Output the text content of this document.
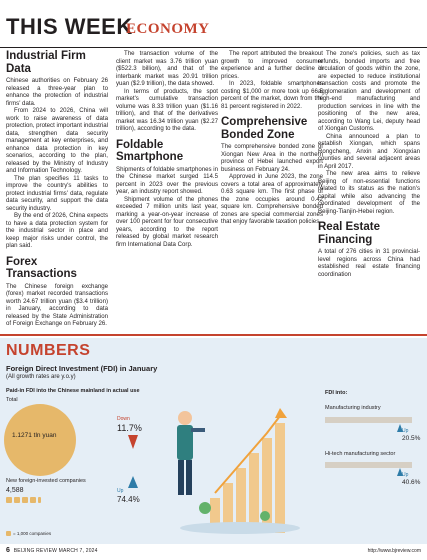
THIS WEEK
ECONOMY
Industrial Firm Data

Chinese authorities on February 26 released a three-year plan to enhance the protection of industrial firms' data.

From 2024 to 2026, China will work to raise awareness of data protection, protect important industrial data, strengthen data security management at key enterprises, and enhance data protection in key scenarios, according to the plan, released by the Ministry of Industry and Information Technology.

The plan specifies 11 tasks to improve the country's abilities to protect industrial firms' data, regulate data security, and support the data security industry.

By the end of 2026, China expects to have a data protection system for the industrial sector in place and keep major risks under control, the plan said.

Forex Transactions

The Chinese foreign exchange (forex) market recorded transactions worth 24.67 trillion yuan ($3.4 trillion) in January, according to data released by the State Administration of Foreign Exchange on February 26.

The transaction volume of the client market was 3.76 trillion yuan ($522.3 billion), and that of the interbank market was 20.91 trillion yuan ($2.9 trillion), the data showed.

In terms of products, the spot market's cumulative transaction volume was 8.33 trillion yuan ($1.16 trillion), and that of the derivatives market was 16.34 trillion yuan ($2.27 trillion), according to the data.

Foldable Smartphone

Shipments of foldable smartphones in the Chinese market surged 114.5 percent in 2023 over the previous year, an industry report showed.

Shipment volume of the phones exceeded 7 million units last year, marking a year-on-year increase of over 100 percent for four consecutive years, according to the report released by global market research firm International Data Corp.

The report attributed the breakout growth to improved consumer experience and a further decline in prices.

In 2023, foldable smartphones costing $1,000 or more took up 66.5 percent of the market, down from the 81 percent registered in 2022.

Comprehensive Bonded Zone

The comprehensive bonded zone of Xiongan New Area in the northern province of Hebei launched export business on February 24.

Approved in June 2023, the zone covers a total area of approximately 0.63 square km. The first phase of the zone occupies around 0.42 square km. Comprehensive bonded zones are special commercial zones that enjoy favorable taxation policies.

The zone's policies, such as tax refunds, bonded imports and free circulation of goods within the zone, are expected to reduce institutional transaction costs and promote the agglomeration and development of high-end manufacturing and production services in line with the positioning of the new area, according to Wang Lei, deputy head of Xiongan Customs.

China announced a plan to establish Xiongan, which spans Rongcheng, Anxin and Xiongxian counties and several adjacent areas in April 2017.

The new area aims to relieve Beijing of non-essential functions related to its status as the nation's capital while also advancing the coordinated development of the Beijing-Tianjin-Hebei region.

Real Estate Financing

A total of 276 cities in 31 provincial-level regions across China had established real estate financing coordination

NUMBERS
Foreign Direct Investment (FDI) in January
(All growth rates are y.o.y)
Paid-in FDI into the Chinese mainland in actual use
Total
1.1271 tln yuan
Down
11.7%
New foreign-invested companies
4,588	Up
74.4%
= 1,000 companies
FDI into:
Manufacturing industry
Up
20.5%
Hi-tech manufacturing sector
Up
40.6%
6 BEIJING REVIEW MARCH 7, 2024	http://www.bjreview.com
